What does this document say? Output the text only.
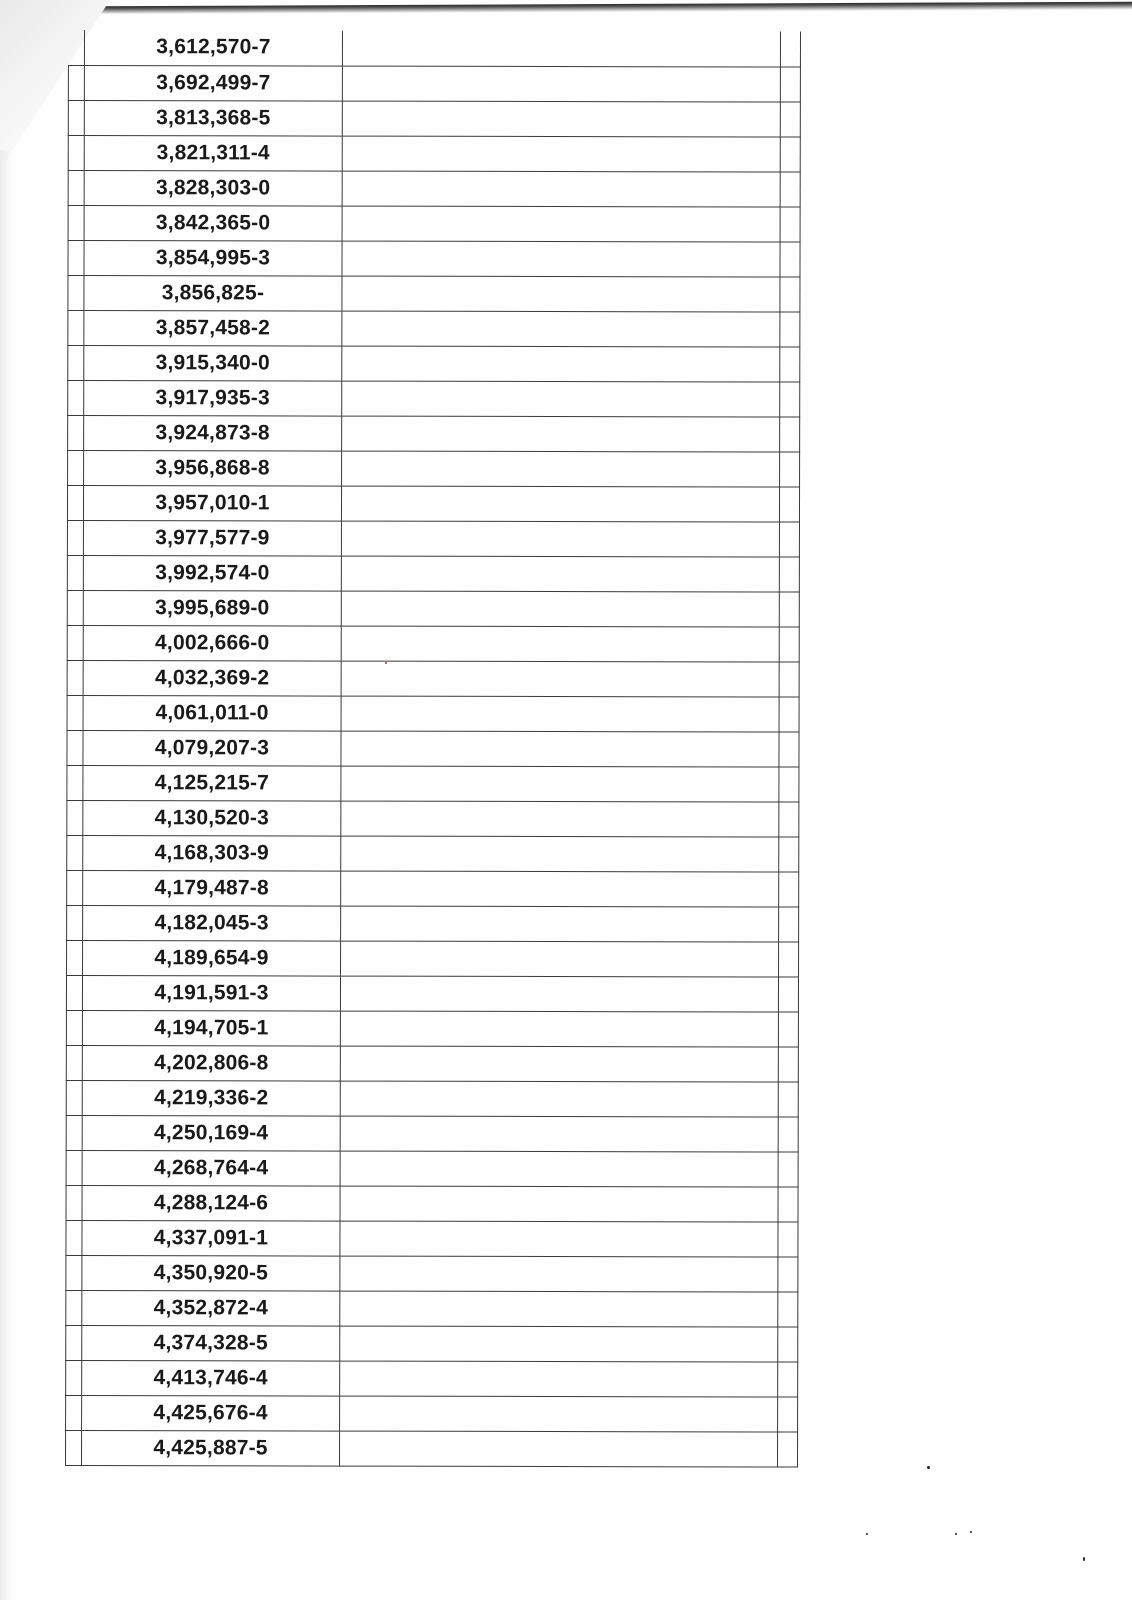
	3,612,570-7		
	3,692,499-7		
	3,813,368-5		
	3,821,311-4		
	3,828,303-0		
	3,842,365-0		
	3,854,995-3		
	3,856,825-		
	3,857,458-2		
	3,915,340-0		
	3,917,935-3		
	3,924,873-8		
	3,956,868-8		
	3,957,010-1		
	3,977,577-9		
	3,992,574-0		
	3,995,689-0		
	4,002,666-0		
	4,032,369-2		
	4,061,011-0		
	4,079,207-3		
	4,125,215-7		
	4,130,520-3		
	4,168,303-9		
	4,179,487-8		
	4,182,045-3		
	4,189,654-9		
	4,191,591-3		
	4,194,705-1		
	4,202,806-8		
	4,219,336-2		
	4,250,169-4		
	4,268,764-4		
	4,288,124-6		
	4,337,091-1		
	4,350,920-5		
	4,352,872-4		
	4,374,328-5		
	4,413,746-4		
	4,425,676-4		
	4,425,887-5		
